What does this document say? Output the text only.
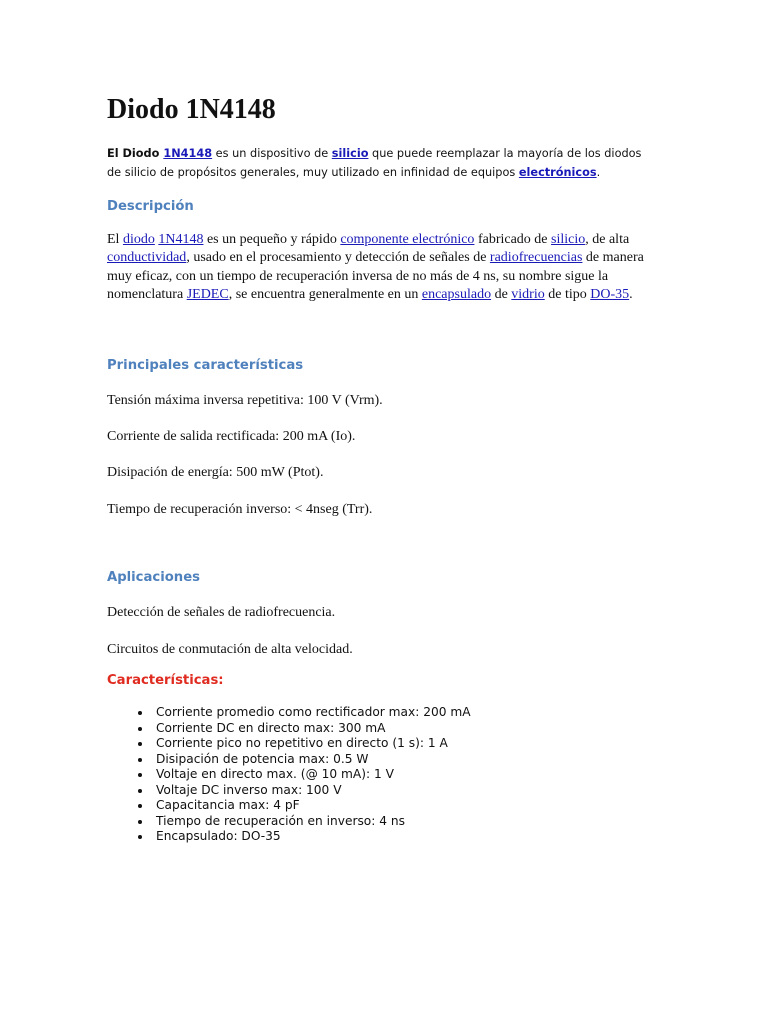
Diodo 1N4148

El Diodo 1N4148 es un dispositivo de silicio que puede reemplazar la mayoría de los diodos de silicio de propósitos generales, muy utilizado en infinidad de equipos electrónicos.

Descripción

El diodo 1N4148 es un pequeño y rápido componente electrónico fabricado de silicio, de alta conductividad, usado en el procesamiento y detección de señales de radiofrecuencias de manera muy eficaz, con un tiempo de recuperación inversa de no más de 4 ns, su nombre sigue la nomenclatura JEDEC, se encuentra generalmente en un encapsulado de vidrio de tipo DO-35.

Principales características

Tensión máxima inversa repetitiva: 100 V (Vrm).

Corriente de salida rectificada: 200 mA (Io).

Disipación de energía: 500 mW (Ptot).

Tiempo de recuperación inverso: < 4nseg (Trr).

Aplicaciones

Detección de señales de radiofrecuencia.

Circuitos de conmutación de alta velocidad.

Características:
• Corriente promedio como rectificador max: 200 mA
• Corriente DC en directo max: 300 mA
• Corriente pico no repetitivo en directo (1 s): 1 A
• Disipación de potencia max: 0.5 W
• Voltaje en directo max. (@ 10 mA): 1 V
• Voltaje DC inverso max: 100 V
• Capacitancia max: 4 pF
• Tiempo de recuperación en inverso: 4 ns
• Encapsulado: DO-35
